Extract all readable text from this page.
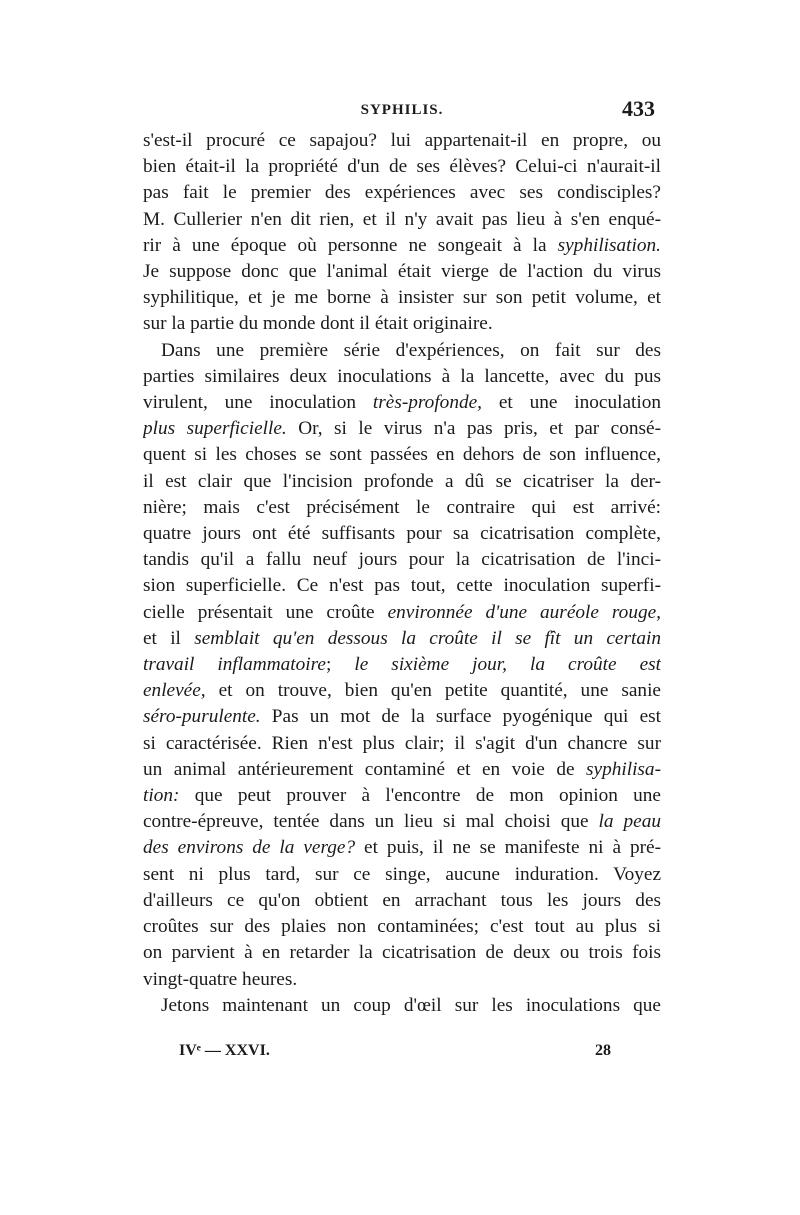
SYPHILIS.	433
s'est-il procuré ce sapajou? lui appartenait-il en propre, ou
bien était-il la propriété d'un de ses élèves? Celui-ci n'aurait-il
pas fait le premier des expériences avec ses condisciples?
M. Cullerier n'en dit rien, et il n'y avait pas lieu à s'en enqué-
rir à une époque où personne ne songeait à la syphilisation.
Je suppose donc que l'animal était vierge de l'action du virus
syphilitique, et je me borne à insister sur son petit volume, et
sur la partie du monde dont il était originaire.
Dans une première série d'expériences, on fait sur des
parties similaires deux inoculations à la lancette, avec du pus
virulent, une inoculation très-profonde, et une inoculation
plus superficielle. Or, si le virus n'a pas pris, et par consé-
quent si les choses se sont passées en dehors de son influence,
il est clair que l'incision profonde a dû se cicatriser la der-
nière; mais c'est précisément le contraire qui est arrivé:
quatre jours ont été suffisants pour sa cicatrisation complète,
tandis qu'il a fallu neuf jours pour la cicatrisation de l'inci-
sion superficielle. Ce n'est pas tout, cette inoculation superfi-
cielle présentait une croûte environnée d'une auréole rouge,
et il semblait qu'en dessous la croûte il se fît un certain
travail inflammatoire; le sixième jour, la croûte est
enlevée, et on trouve, bien qu'en petite quantité, une sanie
séro-purulente. Pas un mot de la surface pyogénique qui est
si caractérisée. Rien n'est plus clair; il s'agit d'un chancre sur
un animal antérieurement contaminé et en voie de syphilisa-
tion: que peut prouver à l'encontre de mon opinion une
contre-épreuve, tentée dans un lieu si mal choisi que la peau
des environs de la verge? et puis, il ne se manifeste ni à pré-
sent ni plus tard, sur ce singe, aucune induration. Voyez
d'ailleurs ce qu'on obtient en arrachant tous les jours des
croûtes sur des plaies non contaminées; c'est tout au plus si
on parvient à en retarder la cicatrisation de deux ou trois fois
vingt-quatre heures.
Jetons maintenant un coup d'œil sur les inoculations que
IVᵉ — XXVI.	28
